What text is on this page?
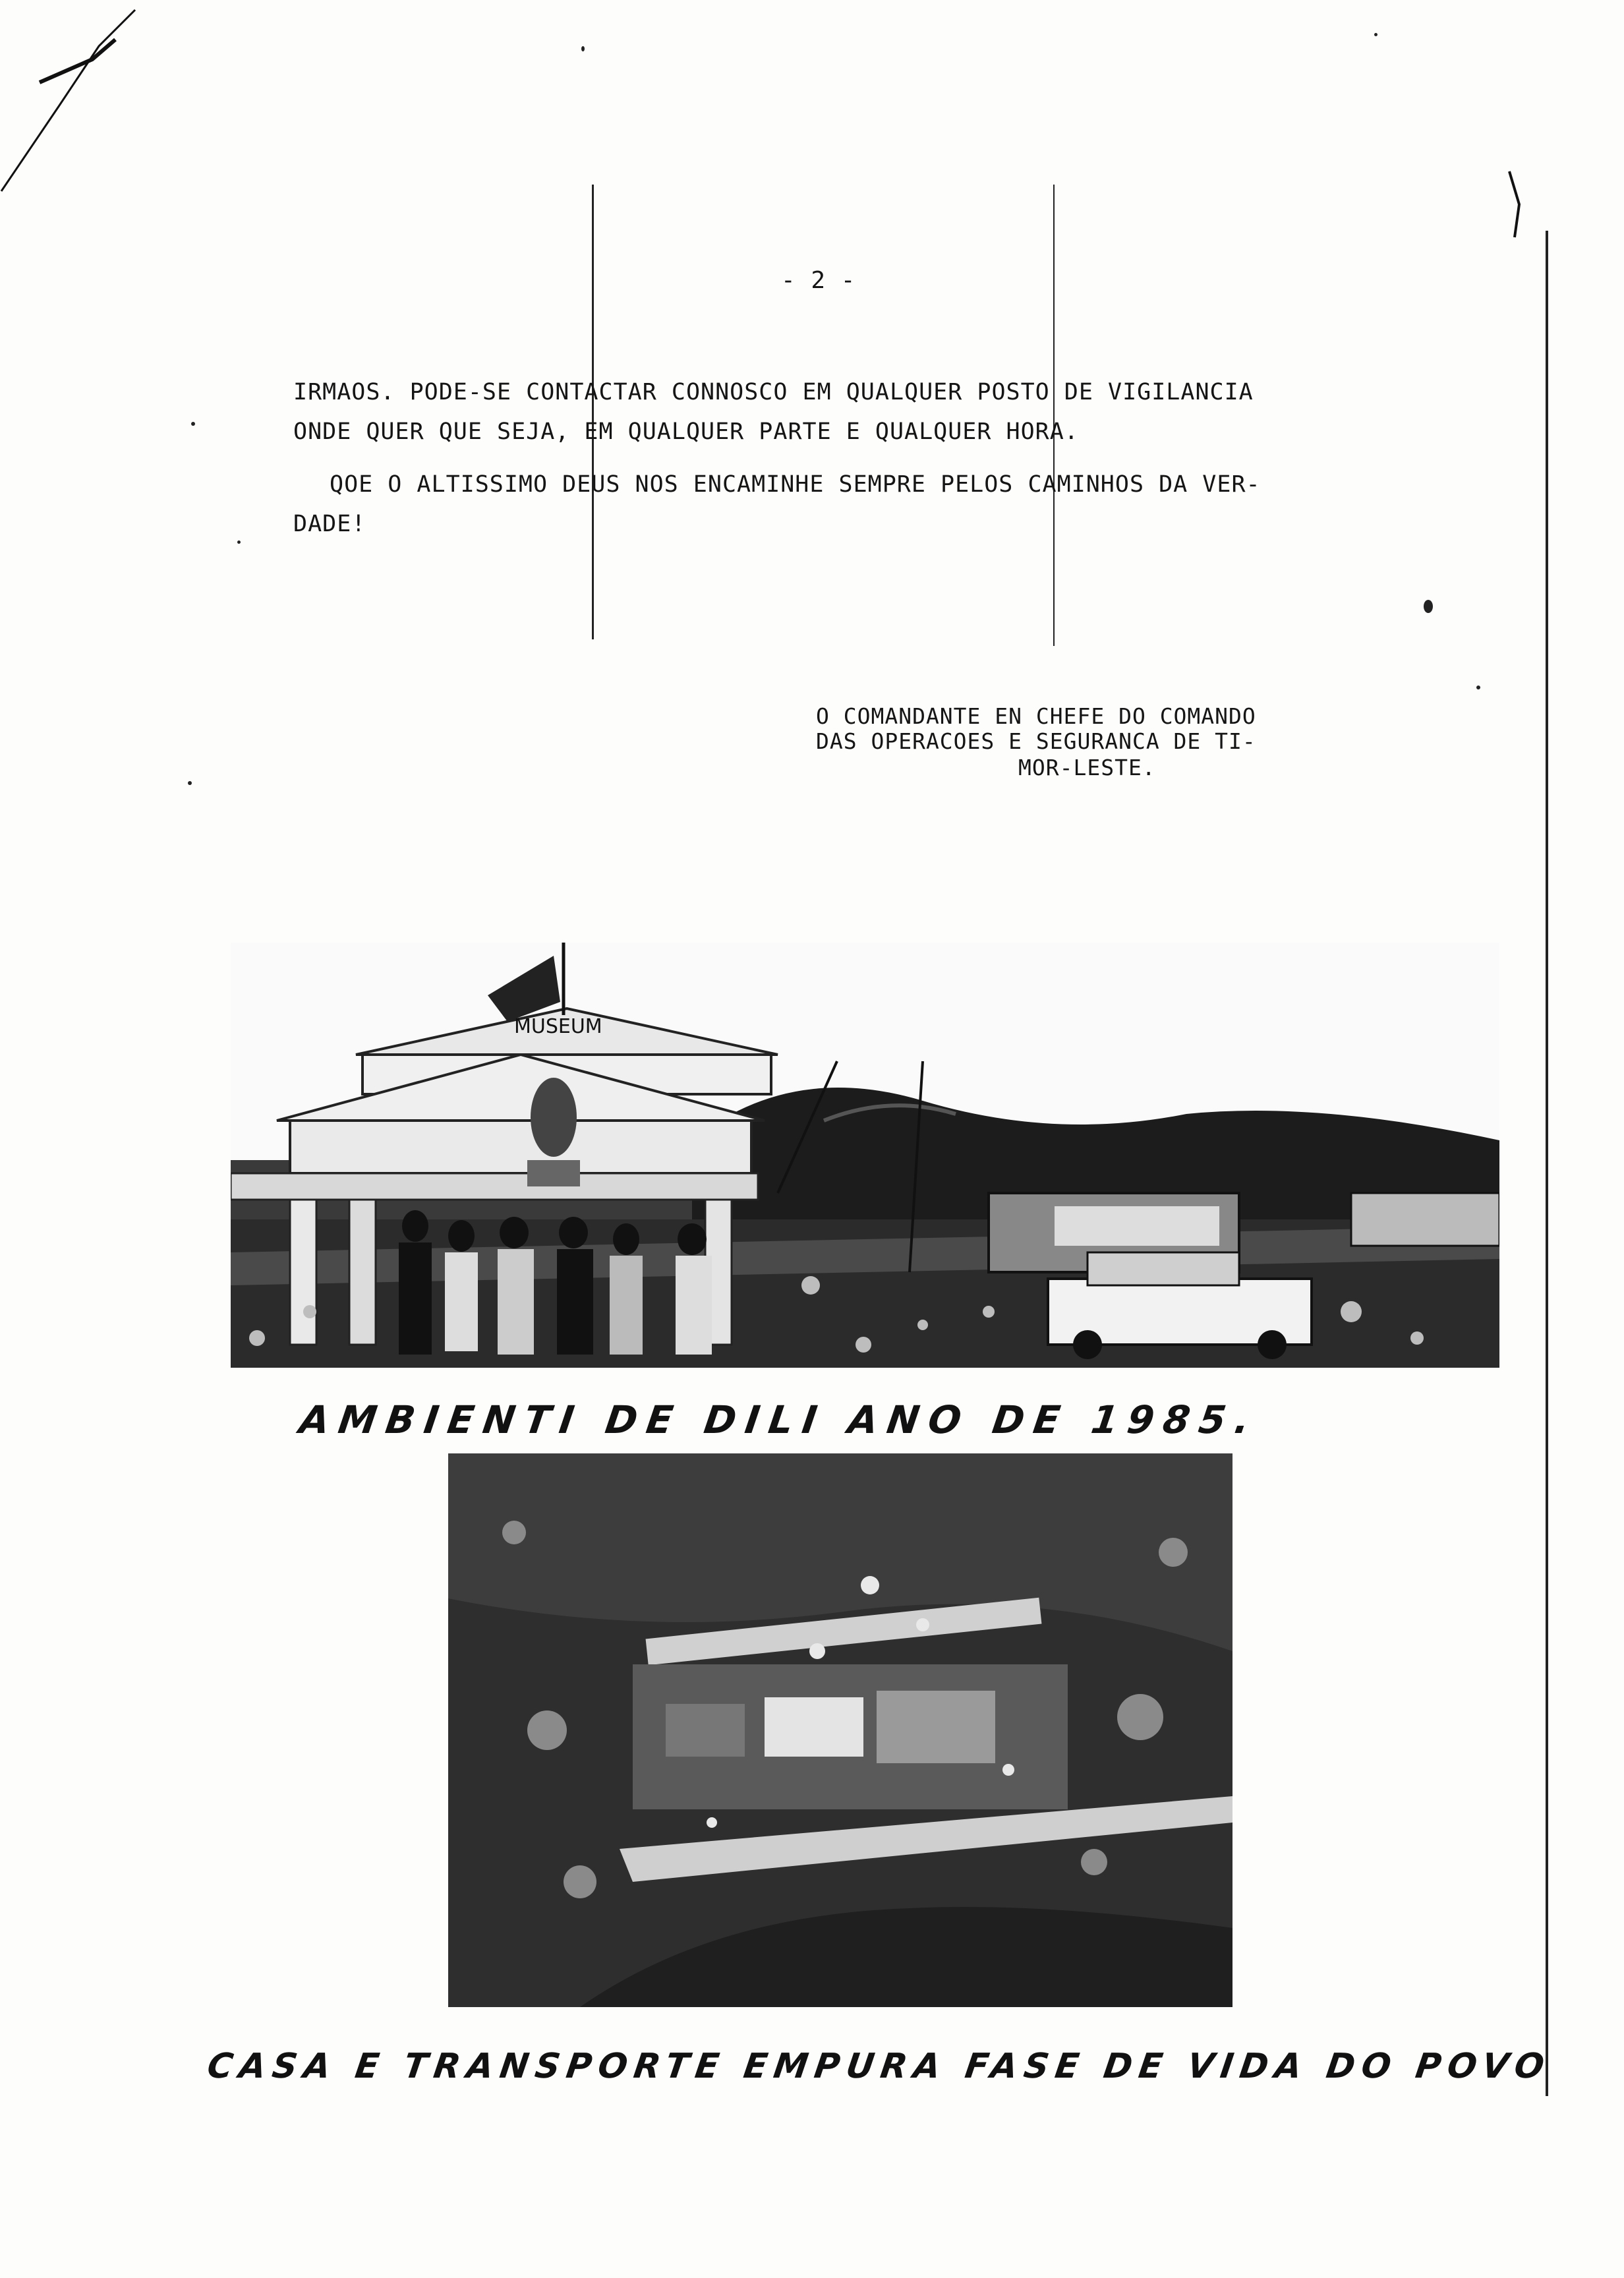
- 2 -
IRMAOS. PODE-SE CONTACTAR CONNOSCO EM QUALQUER POSTO DE VIGILANCIA
ONDE QUER QUE SEJA, EM QUALQUER PARTE E QUALQUER HORA.
QOE O ALTISSIMO DEUS NOS ENCAMINHE SEMPRE PELOS CAMINHOS DA VER-
DADE!
MUSEUM
O COMANDANTE EN CHEFE DO COMANDO
DAS OPERACOES E SEGURANCA DE TI-
MOR-LESTE.
AMBIENTI DE DILI ANO DE 1985.
CASA E TRANSPORTE EMPURA FASE DE VIDA DO POVO
